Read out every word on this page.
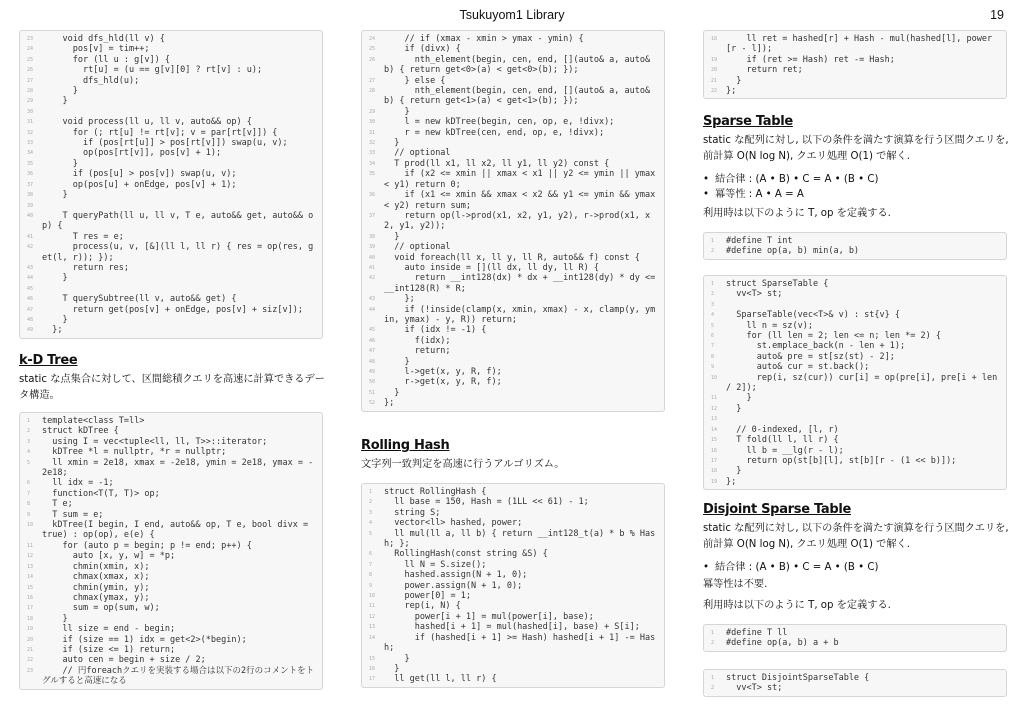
Tsukuyom1 Library	19
23	void dfs_hld(ll v) {
24	pos[v] = tim++;
25	for (ll u : g[v]) {
26	rt[u] = (u == g[v][0] ? rt[v] : u);
27	dfs_hld(u);
28	}
29	}
30
31	void process(ll u, ll v, auto&& op) {
32	for (; rt[u] != rt[v]; v = par[rt[v]]) {
33	if (pos[rt[u]] > pos[rt[v]]) swap(u, v);
34	op(pos[rt[v]], pos[v] + 1);
35	}
36	if (pos[u] > pos[v]) swap(u, v);
37	op(pos[u] + onEdge, pos[v] + 1);
38	}
39
40	T queryPath(ll u, ll v, T e, auto&& get, auto&& op) {
41	T res = e;
42	process(u, v, [&](ll l, ll r) { res = op(res, get(l, r)); });
43	return res;
44	}
45
46	T querySubtree(ll v, auto&& get) {
47	return get(pos[v] + onEdge, pos[v] + siz[v]);
48	}
49	};
k-D Tree
static な点集合に対して、区間総積クエリを高速に計算できるデータ構造。
1	template<class T=ll>
2	struct kDTree {
3	using I = vec<tuple<ll, ll, T>>::iterator;
4	kDTree *l = nullptr, *r = nullptr;
5	ll xmin = 2e18, xmax = -2e18, ymin = 2e18, ymax = -2e18;
6	ll idx = -1;
7	function<T(T, T)> op;
8	T e;
9	T sum = e;
10	kDTree(I begin, I end, auto&& op, T e, bool divx = true) : op(op), e(e) {
11	for (auto p = begin; p != end; p++) {
12	auto [x, y, w] = *p;
13	chmin(xmin, x);
14	chmax(xmax, x);
15	chmin(ymin, y);
16	chmax(ymax, y);
17	sum = op(sum, w);
18	}
19	ll size = end - begin;
20	if (size == 1) idx = get<2>(*begin);
21	if (size <= 1) return;
22	auto cen = begin + size / 2;
23	// 円foreachクエリを実装する場合は以下の2行のコメントをトグルすると高速になる
24	// if (xmax - xmin > ymax - ymin) {
25	if (divx) {
26	nth_element(begin, cen, end, [](auto& a, auto& b) { return get<0>(a) < get<0>(b); });
27	} else {
28	nth_element(begin, cen, end, [](auto& a, auto& b) { return get<1>(a) < get<1>(b); });
29	}
30	l = new kDTree(begin, cen, op, e, !divx);
31	r = new kDTree(cen, end, op, e, !divx);
32	}
33	// optional
34	T prod(ll x1, ll x2, ll y1, ll y2) const {
35	if (x2 <= xmin || xmax < x1 || y2 <= ymin || ymax < y1) return 0;
36	if (x1 <= xmin && xmax < x2 && y1 <= ymin && ymax < y2) return sum;
37	return op(l->prod(x1, x2, y1, y2), r->prod(x1, x2, y1, y2));
38	}
39	// optional
40	void foreach(ll x, ll y, ll R, auto&& f) const {
41	auto inside = [](ll dx, ll dy, ll R) {
42	return __int128(dx) * dx + __int128(dy) * dy <= __int128(R) * R;
43	};
44	if (!inside(clamp(x, xmin, xmax) - x, clamp(y, ymin, ymax) - y, R)) return;
45	if (idx != -1) {
46	f(idx);
47	return;
48	}
49	l->get(x, y, R, f);
50	r->get(x, y, R, f);
51	}
52	};
Rolling Hash
文字列一致判定を高速に行うアルゴリズム。
1	struct RollingHash {
2	ll base = 150, Hash = (1LL << 61) - 1;
3	string S;
4	vector<ll> hashed, power;
5	ll mul(ll a, ll b) { return __int128_t(a) * b % Hash; };
6	RollingHash(const string &S) {
7	ll N = S.size();
8	hashed.assign(N + 1, 0);
9	power.assign(N + 1, 0);
10	power[0] = 1;
11	rep(i, N) {
12	power[i + 1] = mul(power[i], base);
13	hashed[i + 1] = mul(hashed[i], base) + S[i];
14	if (hashed[i + 1] >= Hash) hashed[i + 1] -= Hash;
15	}
16	}
17	ll get(ll l, ll r) {
18	ll ret = hashed[r] + Hash - mul(hashed[l], power[r - l]);
19	if (ret >= Hash) ret -= Hash;
20	return ret;
21	}
22	};
Sparse Table
static な配列に対し, 以下の条件を満たす演算を行う区間クエリを, 前計算 O(N log N), クエリ処理 O(1) で解く.
• 結合律 : (A • B) • C = A • (B • C)
• 冪等性 : A • A = A
利用時は以下のように T, op を定義する.
1	#define T int
2	#define op(a, b) min(a, b)
1	struct SparseTable {
2	vv<T> st;
3
4	SparseTable(vec<T>& v) : st{v} {
5	ll n = sz(v);
6	for (ll len = 2; len <= n; len *= 2) {
7	st.emplace_back(n - len + 1);
8	auto& pre = st[sz(st) - 2];
9	auto& cur = st.back();
10	rep(i, sz(cur)) cur[i] = op(pre[i], pre[i + len / 2]);
11	}
12	}
13
14	// 0-indexed, [l, r)
15	T fold(ll l, ll r) {
16	ll b = __lg(r - l);
17	return op(st[b][l], st[b][r - (1 << b)]);
18	}
19	};
Disjoint Sparse Table
static な配列に対し, 以下の条件を満たす演算を行う区間クエリを, 前計算 O(N log N), クエリ処理 O(1) で解く.
• 結合律 : (A • B) • C = A • (B • C)
冪等性は不要.
利用時は以下のように T, op を定義する.
1	#define T ll
2	#define op(a, b) a + b
1	struct DisjointSparseTable {
2	vv<T> st;
